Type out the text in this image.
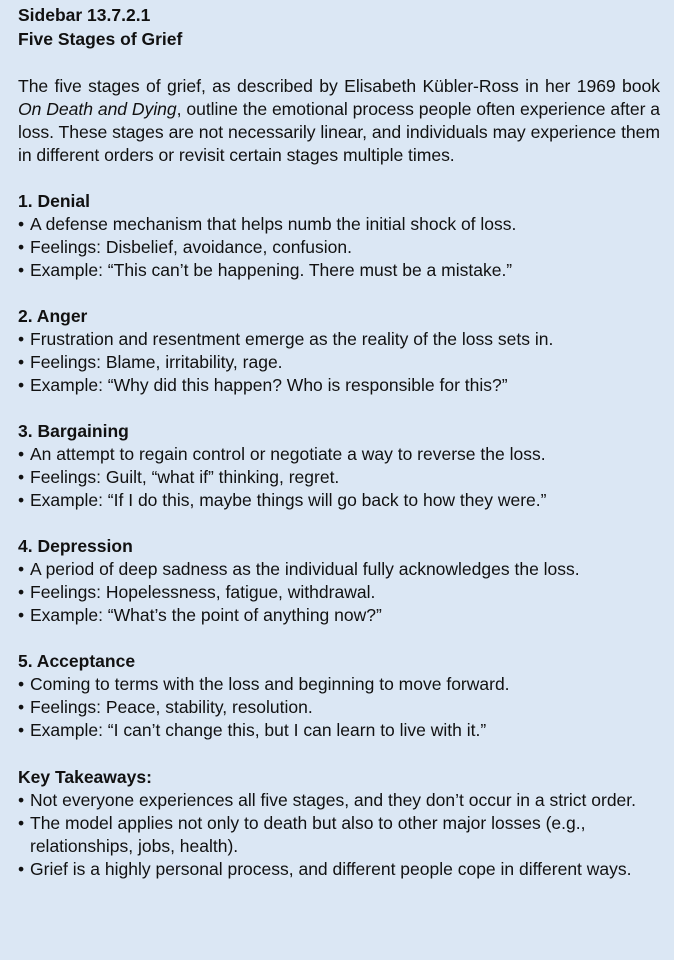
Sidebar 13.7.2.1

Five Stages of Grief

The five stages of grief, as described by Elisabeth Kübler-Ross in her 1969 book On Death and Dying, outline the emotional process people often experience after a loss. These stages are not necessarily linear, and individuals may experience them in different orders or revisit certain stages multiple times.

1. Denial

• A defense mechanism that helps numb the initial shock of loss.
• Feelings: Disbelief, avoidance, confusion.
• Example: “This can’t be happening. There must be a mistake.”

2. Anger

• Frustration and resentment emerge as the reality of the loss sets in.
• Feelings: Blame, irritability, rage.
• Example: “Why did this happen? Who is responsible for this?”

3. Bargaining

• An attempt to regain control or negotiate a way to reverse the loss.
• Feelings: Guilt, “what if” thinking, regret.
• Example: “If I do this, maybe things will go back to how they were.”

4. Depression

• A period of deep sadness as the individual fully acknowledges the loss.
• Feelings: Hopelessness, fatigue, withdrawal.
• Example: “What’s the point of anything now?”

5. Acceptance

• Coming to terms with the loss and beginning to move forward.
• Feelings: Peace, stability, resolution.
• Example: “I can’t change this, but I can learn to live with it.”

Key Takeaways:

• Not everyone experiences all five stages, and they don’t occur in a strict order.
• The model applies not only to death but also to other major losses (e.g., relationships, jobs, health).
• Grief is a highly personal process, and different people cope in different ways.
